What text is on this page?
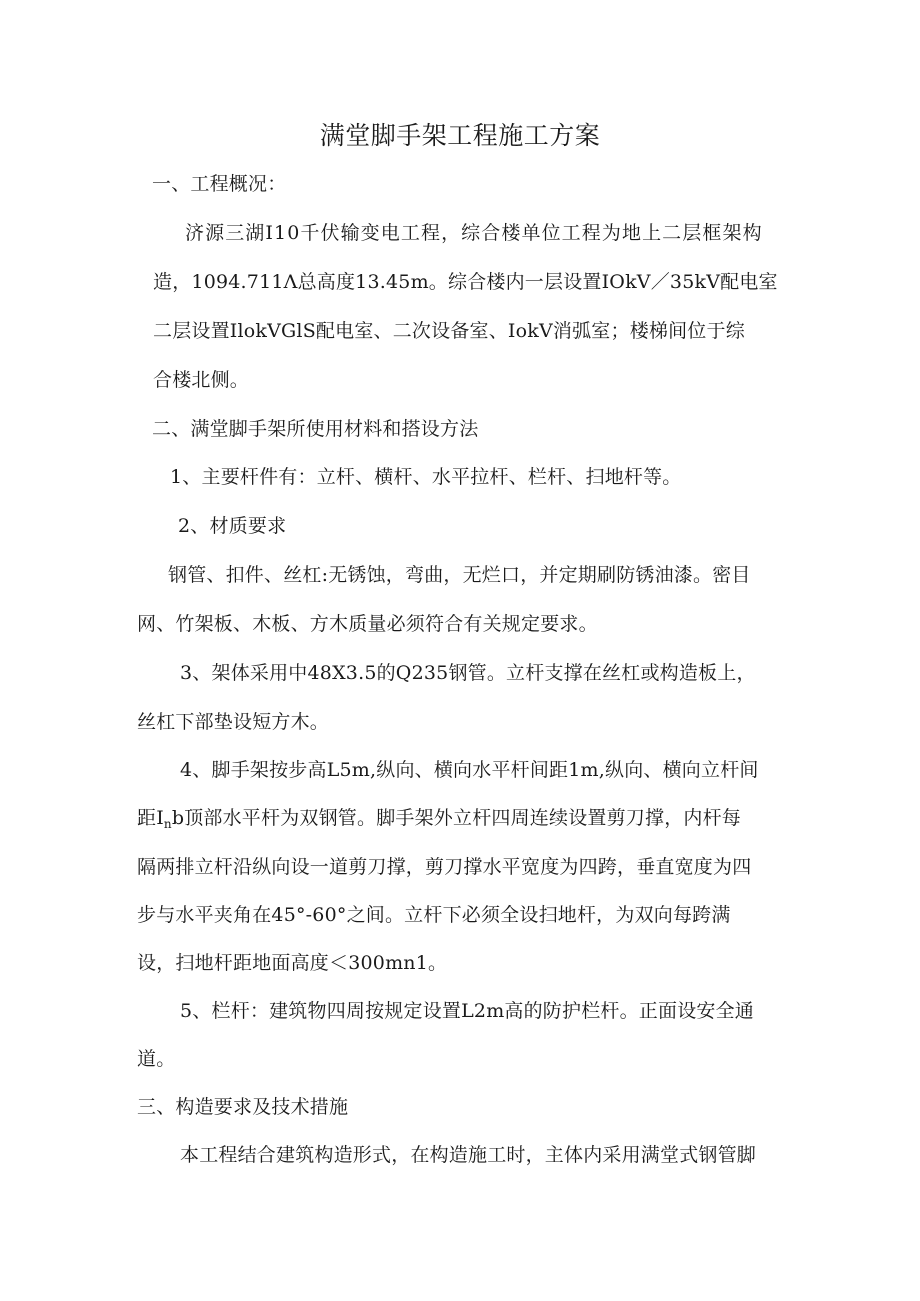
满堂脚手架工程施工方案
一、工程概况：
济源三湖I10千伏输变电工程，综合楼单位工程为地上二层框架构
造，1094.711Λ总高度13.45m。综合楼内一层设置IOkV／35kV配电室
二层设置IlokVGlS配电室、二次设备室、IokV消弧室；楼梯间位于综
合楼北侧。
二、满堂脚手架所使用材料和搭设方法
1、主要杆件有：立杆、横杆、水平拉杆、栏杆、扫地杆等。
2、材质要求
钢管、扣件、丝杠:无锈蚀，弯曲，无烂口，并定期刷防锈油漆。密目
网、竹架板、木板、方木质量必须符合有关规定要求。
3、架体采用中48X3.5的Q235钢管。立杆支撑在丝杠或构造板上，
丝杠下部垫设短方木。
4、脚手架按步高L5m,纵向、横向水平杆间距1m,纵向、横向立杆间
距$I_nb$顶部水平杆为双钢管。脚手架外立杆四周连续设置剪刀撑，内杆每
隔两排立杆沿纵向设一道剪刀撑，剪刀撑水平宽度为四跨，垂直宽度为四
步与水平夹角在45°-60°之间。立杆下必须全设扫地杆，为双向每跨满
设，扫地杆距地面高度＜300mn1。
5、栏杆：建筑物四周按规定设置L2m高的防护栏杆。正面设安全通
道。
三、构造要求及技术措施
本工程结合建筑构造形式，在构造施工时，主体内采用满堂式钢管脚
